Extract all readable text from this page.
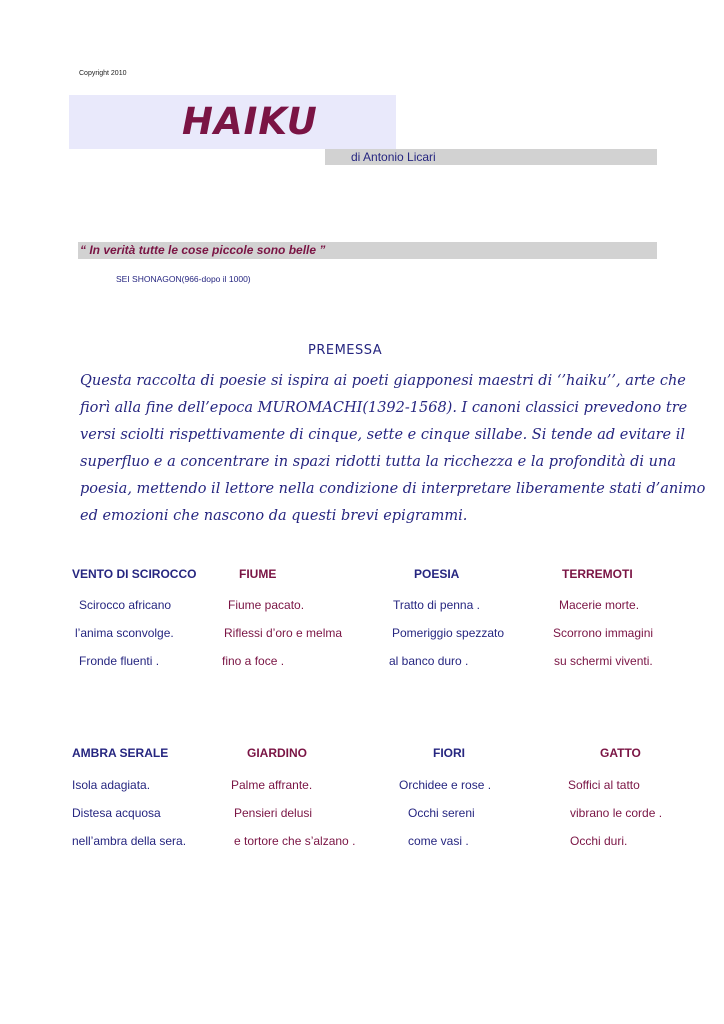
Copyright 2010
HAIKU
di Antonio Licari
“ In verità tutte le cose piccole sono belle ”
SEI SHONAGON(966-dopo il 1000)
PREMESSA
Questa raccolta di poesie si ispira ai poeti giapponesi maestri di ‘’haiku’’, arte che
fiorì alla fine dell’epoca MUROMACHI(1392-1568). I canoni classici prevedono tre
versi sciolti rispettivamente di cinque, sette e cinque sillabe. Si tende ad evitare il
superfluo e a concentrare in spazi ridotti tutta la ricchezza e la profondità di una
poesia, mettendo il lettore nella condizione di interpretare liberamente stati d’animo
ed emozioni che nascono da questi brevi epigrammi.
VENTO DI SCIROCCO
Scirocco africano
l’anima sconvolge.
Fronde fluenti .
FIUME
Fiume pacato.
Riflessi d’oro e melma
fino a foce .
POESIA
Tratto di penna .
Pomeriggio spezzato
al banco duro .
TERREMOTI
Macerie morte.
Scorrono immagini
su schermi viventi.
AMBRA SERALE
Isola adagiata.
Distesa acquosa
nell’ambra della sera.
GIARDINO
Palme affrante.
Pensieri delusi
e tortore che s’alzano .
FIORI
Orchidee e rose .
Occhi sereni
come vasi .
GATTO
Soffici al tatto
vibrano le corde .
Occhi duri.
